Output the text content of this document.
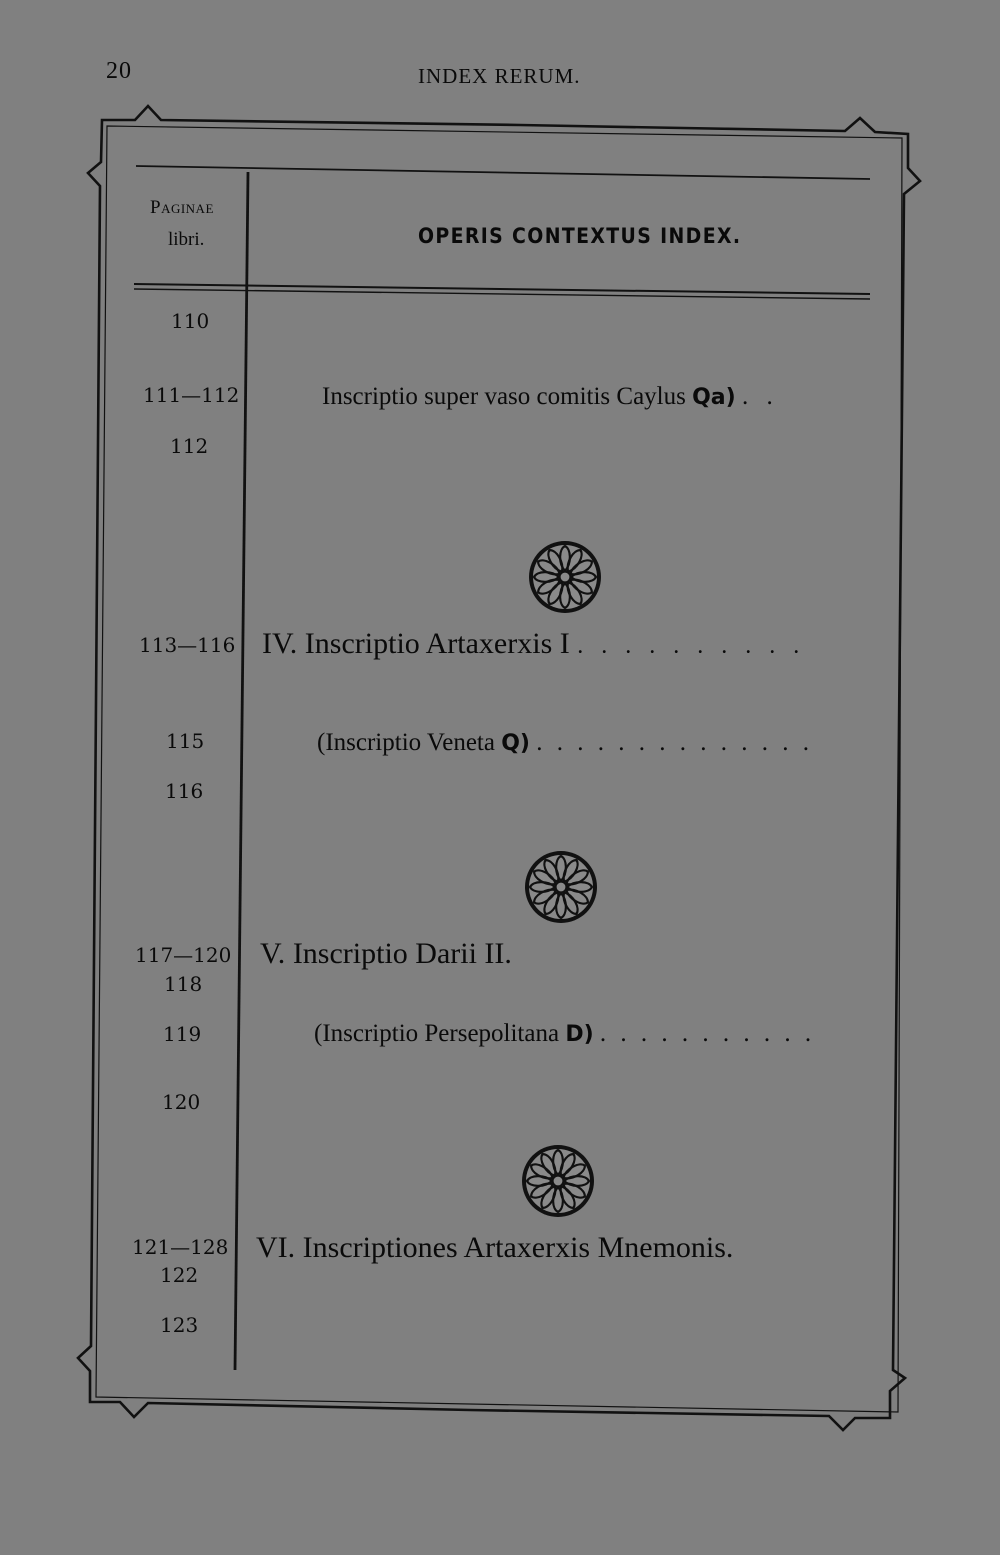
20	INDEX RERUM.
Paginae
libri.	OPERIS CONTEXTUS INDEX.
110
111—112
112
113—116
115
116
117—120
118
119
120
121—128
122
123
Inscriptio super vaso comitis Caylus Qa) . .
IV. Inscriptio Artaxerxis I . . . . . . . . . .
(Inscriptio Veneta Q) . . . . . . . . . . . . . .
V. Inscriptio Darii II.
(Inscriptio Persepolitana D) . . . . . . . . . . .
VI. Inscriptiones Artaxerxis Mnemonis.
